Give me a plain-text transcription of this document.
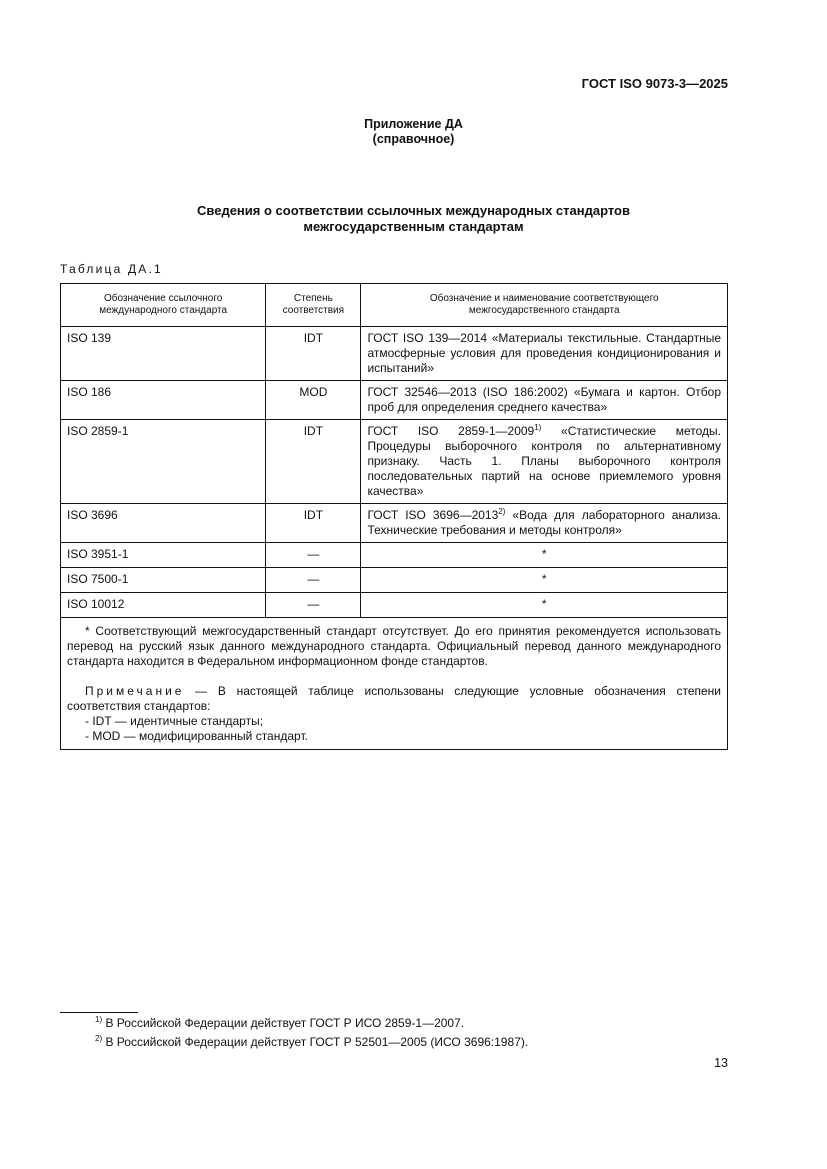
ГОСТ ISO 9073-3—2025
Приложение ДА
(справочное)
Сведения о соответствии ссылочных международных стандартов
межгосударственным стандартам
Таблица ДА.1
Обозначение ссылочного международного стандарта	Степень соответствия	Обозначение и наименование соответствующего межгосударственного стандарта
ISO 139	IDT	ГОСТ ISO 139—2014 «Материалы текстильные. Стандартные атмосферные условия для проведения кондиционирования и испытаний»
ISO 186	MOD	ГОСТ 32546—2013 (ISO 186:2002) «Бумага и картон. Отбор проб для определения среднего качества»
ISO 2859-1	IDT	ГОСТ ISO 2859-1—2009$^{1)}$ «Статистические методы. Процедуры выборочного контроля по альтернативному признаку. Часть 1. Планы выборочного контроля последовательных партий на основе приемлемого уровня качества»
ISO 3696	IDT	ГОСТ ISO 3696—2013$^{2)}$ «Вода для лабораторного анализа. Технические требования и методы контроля»
ISO 3951-1	—	*
ISO 7500-1	—	*
ISO 10012	—	*

* Соответствующий межгосударственный стандарт отсутствует. До его принятия рекомендуется использовать перевод на русский язык данного международного стандарта. Официальный перевод данного международного стандарта находится в Федеральном информационном фонде стандартов.

Примечание — В настоящей таблице использованы следующие условные обозначения степени соответствия стандартов:

- IDT — идентичные стандарты;
- MOD — модифицированный стандарт.		
$^{1)}$ В Российской Федерации действует ГОСТ Р ИСО 2859-1—2007.
$^{2)}$ В Российской Федерации действует ГОСТ Р 52501—2005 (ИСО 3696:1987).
13
